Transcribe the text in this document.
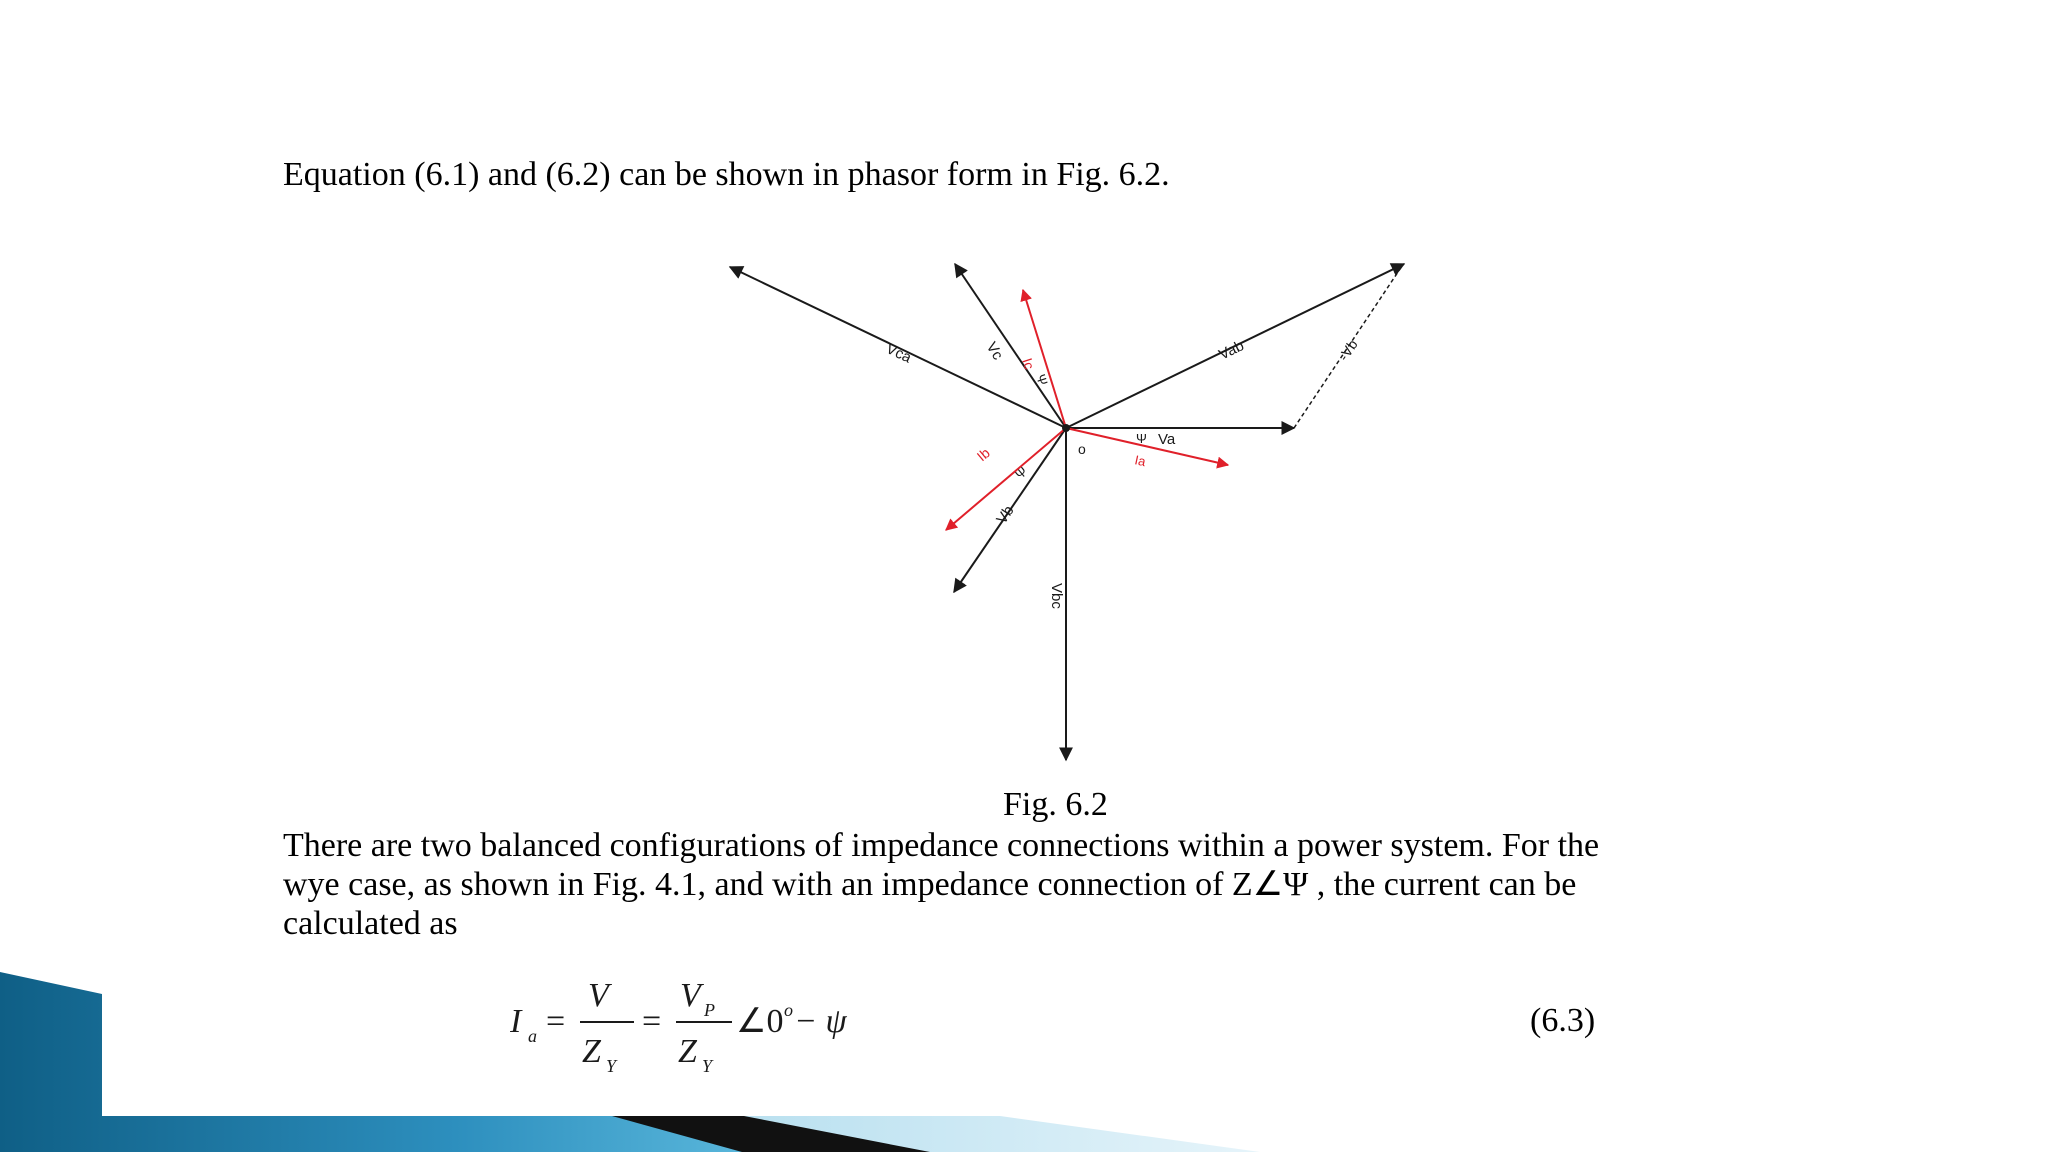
Equation (6.1) and (6.2) can be shown in phasor form in Fig. 6.2.
Vca	Vc
Ic
Ψ
Vab	-Vb
Ψ Va
o
Ia
Ib
Ψ
Vb
Vbc
Fig. 6.2
There are two balanced configurations of impedance connections within a power system. For the
wye case, as shown in Fig. 4.1, and with an impedance connection of Z∠Ψ , the current can be
calculated as
I a =
V
Z Y
=
V P
Z Y
∠0 o − ψ	(6.3)
